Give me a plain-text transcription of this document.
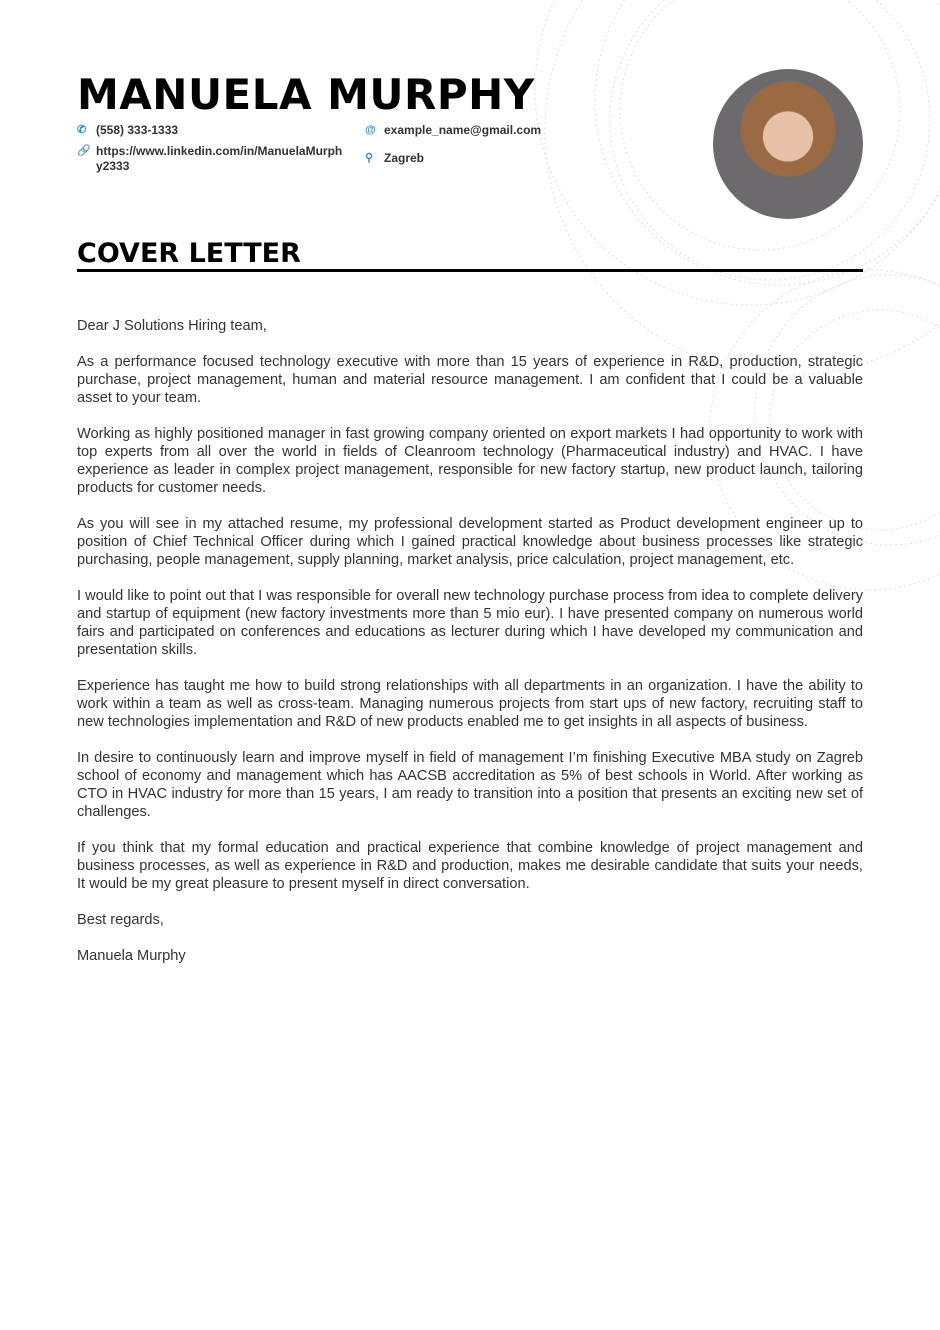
MANUELA MURPHY
✆ (558) 333-1333
🔗 https://www.linkedin.com/in/ManuelaMurphy2333
@ example_name@gmail.com
⚲ Zagreb
COVER LETTER

Dear J Solutions Hiring team,

As a performance focused technology executive with more than 15 years of experience in R&D, production, strategic purchase, project management, human and material resource management. I am confident that I could be a valuable asset to your team.

Working as highly positioned manager in fast growing company oriented on export markets I had opportunity to work with top experts from all over the world in fields of Cleanroom technology (Pharmaceutical industry) and HVAC. I have experience as leader in complex project management, responsible for new factory startup, new product launch, tailoring products for customer needs.

As you will see in my attached resume, my professional development started as Product development engineer up to position of Chief Technical Officer during which I gained practical knowledge about business processes like strategic purchasing, people management, supply planning, market analysis, price calculation, project management, etc.

I would like to point out that I was responsible for overall new technology purchase process from idea to complete delivery and startup of equipment (new factory investments more than 5 mio eur). I have presented company on numerous world fairs and participated on conferences and educations as lecturer during which I have developed my communication and presentation skills.

Experience has taught me how to build strong relationships with all departments in an organization. I have the ability to work within a team as well as cross-team. Managing numerous projects from start ups of new factory, recruiting staff to new technologies implementation and R&D of new products enabled me to get insights in all aspects of business.

In desire to continuously learn and improve myself in field of management I’m finishing Executive MBA study on Zagreb school of economy and management which has AACSB accreditation as 5% of best schools in World. After working as CTO in HVAC industry for more than 15 years, I am ready to transition into a position that presents an exciting new set of challenges.

If you think that my formal education and practical experience that combine knowledge of project management and business processes, as well as experience in R&D and production, makes me desirable candidate that suits your needs, It would be my great pleasure to present myself in direct conversation.

Best regards,

Manuela Murphy
